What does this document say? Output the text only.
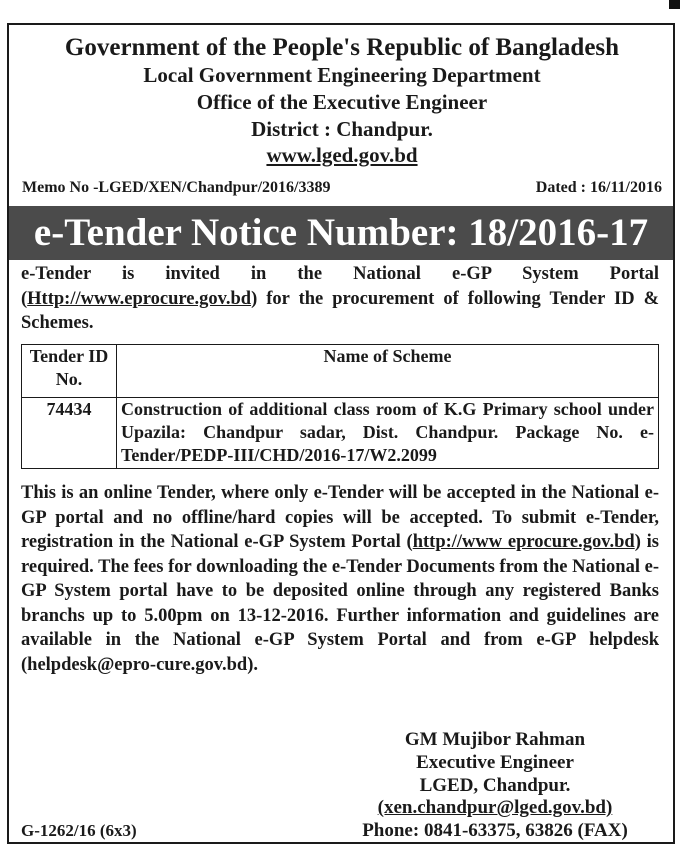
Government of the People's Republic of Bangladesh
Local Government Engineering Department
Office of the Executive Engineer
District : Chandpur.
www.lged.gov.bd
Memo No -LGED/XEN/Chandpur/2016/3389	Dated : 16/11/2016
e-Tender Notice Number: 18/2016-17
e-Tender is invited in the National e-GP System Portal (Http://www.eprocure.gov.bd) for the procurement of following Tender ID & Schemes.
Tender ID No.	Name of Scheme
74434	Construction of additional class room of K.G Primary school under Upazila: Chandpur sadar, Dist. Chandpur. Package No. e-Tender/PEDP-III/CHD/2016-17/W2.2099
This is an online Tender, where only e-Tender will be accepted in the National e-GP portal and no offline/hard copies will be accepted. To submit e-Tender, registration in the National e-GP System Portal (http://www eprocure.gov.bd) is required. The fees for downloading the e-Tender Documents from the National e-GP System portal have to be deposited online through any registered Banks branchs up to 5.00pm on 13-12-2016. Further information and guidelines are available in the National e-GP System Portal and from e-GP helpdesk (helpdesk@epro-cure.gov.bd).
GM Mujibor Rahman
Executive Engineer
LGED, Chandpur.
(xen.chandpur@lged.gov.bd)
Phone: 0841-63375, 63826 (FAX)
G-1262/16 (6x3)
